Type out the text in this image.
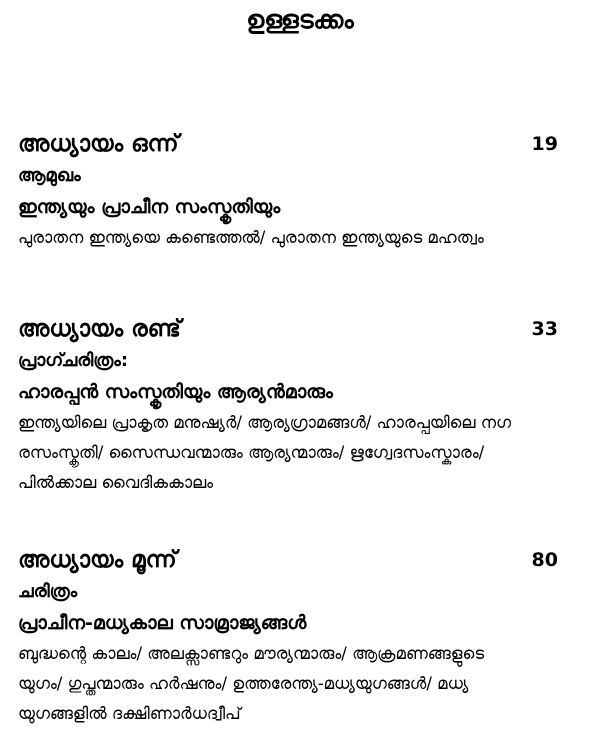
ഉള്ളടക്കം
അധ്യായം ഒന്ന്	19
ആമുഖം
ഇന്ത്യയും പ്രാചീന സംസ്കൃതിയും
പുരാതന ഇന്ത്യയെ കണ്ടെത്തൽ/ പുരാതന ഇന്ത്യയുടെ മഹത്വം
അധ്യായം രണ്ട്	33
പ്രാഗ്ചരിത്രം:
ഹാരപ്പൻ സംസ്കൃതിയും ആര്യൻമാരും
ഇന്ത്യയിലെ പ്രാകൃത മനുഷ്യർ/ ആര്യഗ്രാമങ്ങൾ/ ഹാരപ്പയിലെ നഗ
രസംസ്കൃതി/ സൈന്ധവന്മാരും ആര്യന്മാരും/ ഋഗ്വേദസംസ്കാരം/
പിൽക്കാല വൈദികകാലം
അധ്യായം മൂന്ന്	80
ചരിത്രം
പ്രാചീന-മധ്യകാല സാമ്രാജ്യങ്ങൾ
ബുദ്ധന്റെ കാലം/ അലക്സാണ്ടറും മൗര്യന്മാരും/ ആക്രമണങ്ങളുടെ
യുഗം/ ഗുപ്തന്മാരും ഹർഷനും/ ഉത്തരേന്ത്യ-മധ്യയുഗങ്ങൾ/ മധ്യ
യുഗങ്ങളിൽ ദക്ഷിണാർധദ്വീപ്
